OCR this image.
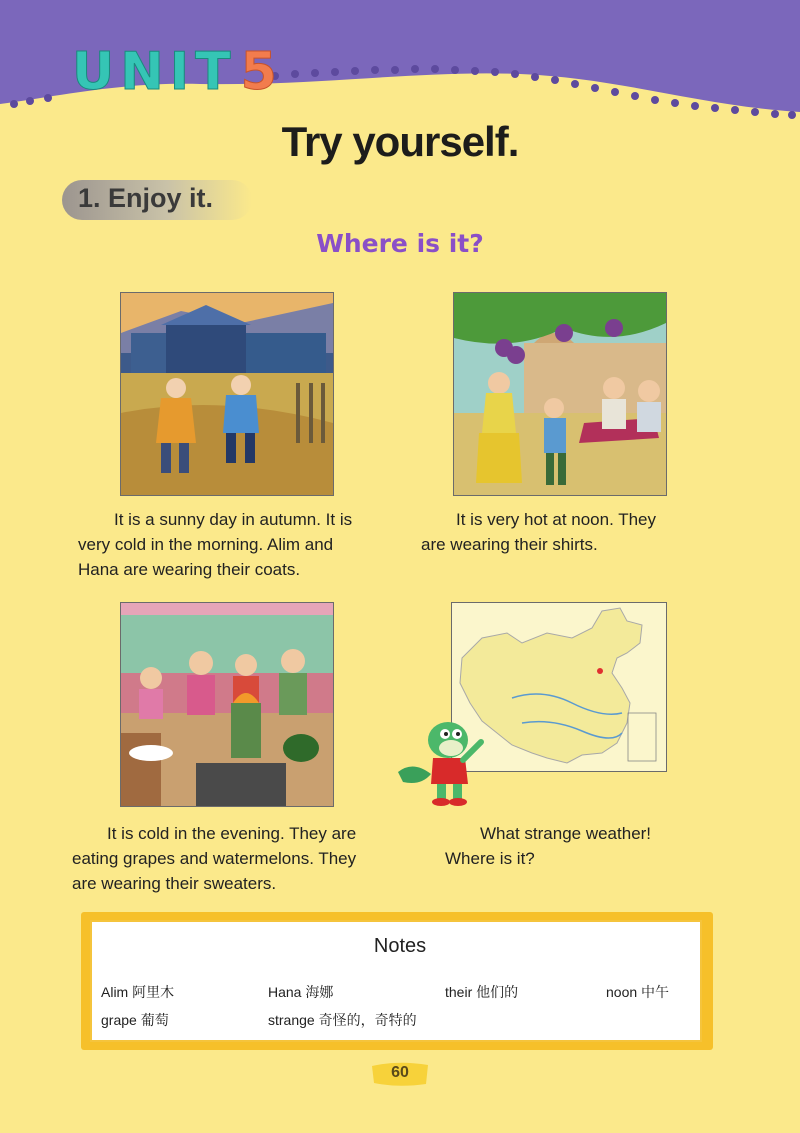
UNIT5
Try yourself.
1. Enjoy it.
Where is it?
It is a sunny day in autumn. It is
very cold in the morning. Alim and
Hana are wearing their coats.
It is very hot at noon. They
are wearing their shirts.
It is cold in the evening. They are
eating grapes and watermelons. They
are wearing their sweaters.
What strange weather!
Where is it?
Notes
Alim 阿里木	Hana 海娜	their 他们的	noon 中午
grape 葡萄	strange 奇怪的，奇特的
60
